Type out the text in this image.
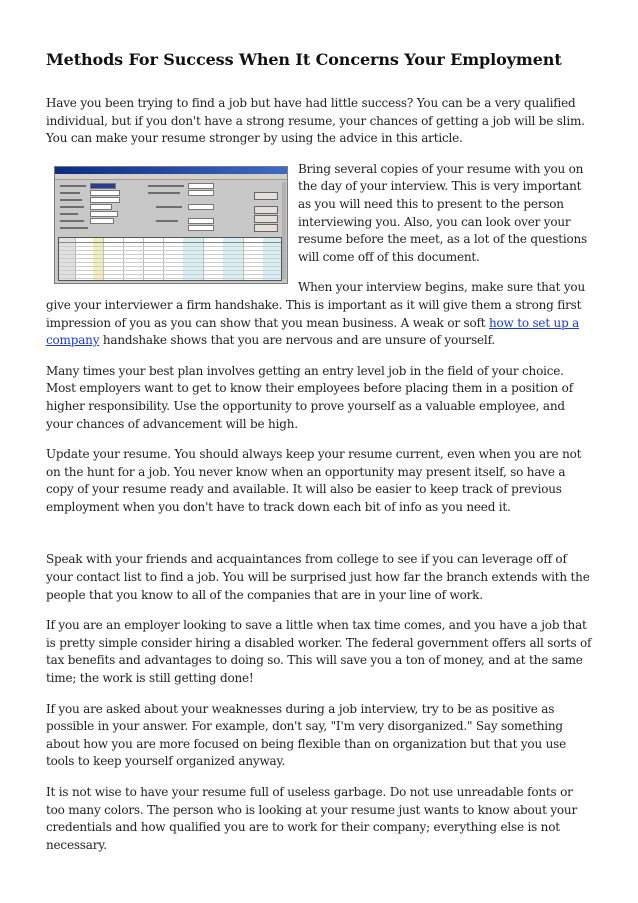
Methods For Success When It Concerns Your Employment

Have you been trying to find a job but have had little success? You can be a very qualified individual, but if you don't have a strong resume, your chances of getting a job will be slim. You can make your resume stronger by using the advice in this article.

Bring several copies of your resume with you on the day of your interview. This is very important as you will need this to present to the person interviewing you. Also, you can look over your resume before the meet, as a lot of the questions will come off of this document.

When your interview begins, make sure that you give your interviewer a firm handshake. This is important as it will give them a strong first impression of you as you can show that you mean business. A weak or soft how to set up a company handshake shows that you are nervous and are unsure of yourself.

Many times your best plan involves getting an entry level job in the field of your choice. Most employers want to get to know their employees before placing them in a position of higher responsibility. Use the opportunity to prove yourself as a valuable employee, and your chances of advancement will be high.

Update your resume. You should always keep your resume current, even when you are not on the hunt for a job. You never know when an opportunity may present itself, so have a copy of your resume ready and available. It will also be easier to keep track of previous employment when you don't have to track down each bit of info as you need it.

Speak with your friends and acquaintances from college to see if you can leverage off of your contact list to find a job. You will be surprised just how far the branch extends with the people that you know to all of the companies that are in your line of work.

If you are an employer looking to save a little when tax time comes, and you have a job that is pretty simple consider hiring a disabled worker. The federal government offers all sorts of tax benefits and advantages to doing so. This will save you a ton of money, and at the same time; the work is still getting done!

If you are asked about your weaknesses during a job interview, try to be as positive as possible in your answer. For example, don't say, "I'm very disorganized." Say something about how you are more focused on being flexible than on organization but that you use tools to keep yourself organized anyway.

It is not wise to have your resume full of useless garbage. Do not use unreadable fonts or too many colors. The person who is looking at your resume just wants to know about your credentials and how qualified you are to work for their company; everything else is not necessary.
